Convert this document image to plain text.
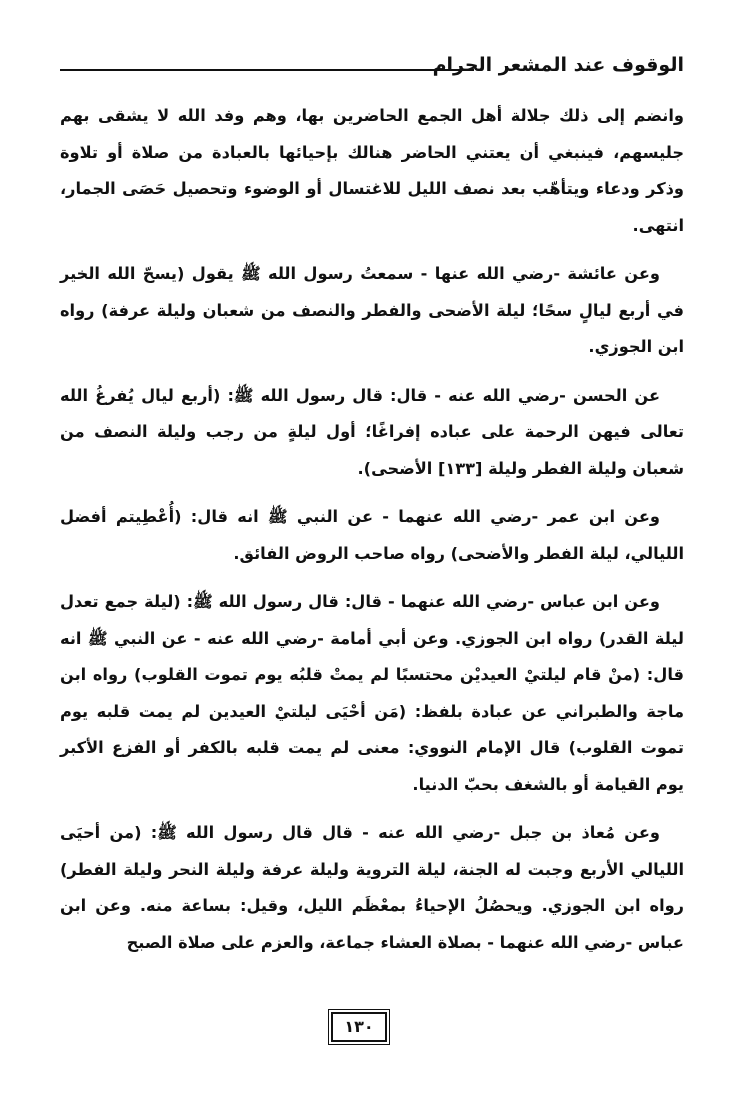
الوقوف عند المشعر الحرام

وانضم إلى ذلك جلالة أهل الجمع الحاضرين بها، وهم وفد الله لا يشقى بهم جليسهم، فينبغي أن يعتني الحاضر هنالك بإحيائها بالعبادة من صلاة أو تلاوة وذكر ودعاء ويتأهّب بعد نصف الليل للاغتسال أو الوضوء وتحصيل حَصَى الجمار، انتهى.

وعن عائشة -رضي الله عنها - سمعتُ رسول الله ﷺ يقول (يسحّ الله الخير في أربع ليالٍ سحًا؛ ليلة الأضحى والفطر والنصف من شعبان وليلة عرفة) رواه ابن الجوزي.

عن الحسن -رضي الله عنه - قال: قال رسول الله ﷺ: (أربع ليال يُفرغُ الله تعالى فيهن الرحمة على عباده إفراغًا؛ أول ليلةٍ من رجب وليلة النصف من شعبان وليلة الفطر وليلة [١٣٣] الأضحى).

وعن ابن عمر -رضي الله عنهما - عن النبي ﷺ انه قال: (أُعْطِيتم أفضل الليالي، ليلة الفطر والأضحى) رواه صاحب الروض الفائق.

وعن ابن عباس -رضي الله عنهما - قال: قال رسول الله ﷺ: (ليلة جمع تعدل ليلة القدر) رواه ابن الجوزي. وعن أبي أمامة -رضي الله عنه - عن النبي ﷺ انه قال: (منْ قام ليلتيْ العيديْن محتسبًا لم يمتْ قلبُه يوم تموت القلوب) رواه ابن ماجة والطبراني عن عبادة بلفظ: (مَن أحْيَى ليلتيْ العيدين لم يمت قلبه يوم تموت القلوب) قال الإمام النووي: معنى لم يمت قلبه بالكفر أو الفزع الأكبر يوم القيامة أو بالشغف بحبّ الدنيا.

وعن مُعاذ بن جبل -رضي الله عنه - قال قال رسول الله ﷺ: (من أحيَى الليالي الأربع وجبت له الجنة، ليلة التروية وليلة عرفة وليلة النحر وليلة الفطر) رواه ابن الجوزي. ويحصُلُ الإحياءُ بمعْظَم الليل، وقيل: بساعة منه. وعن ابن عباس -رضي الله عنهما - بصلاة العشاء جماعة، والعزم على صلاة الصبح

١٣٠
